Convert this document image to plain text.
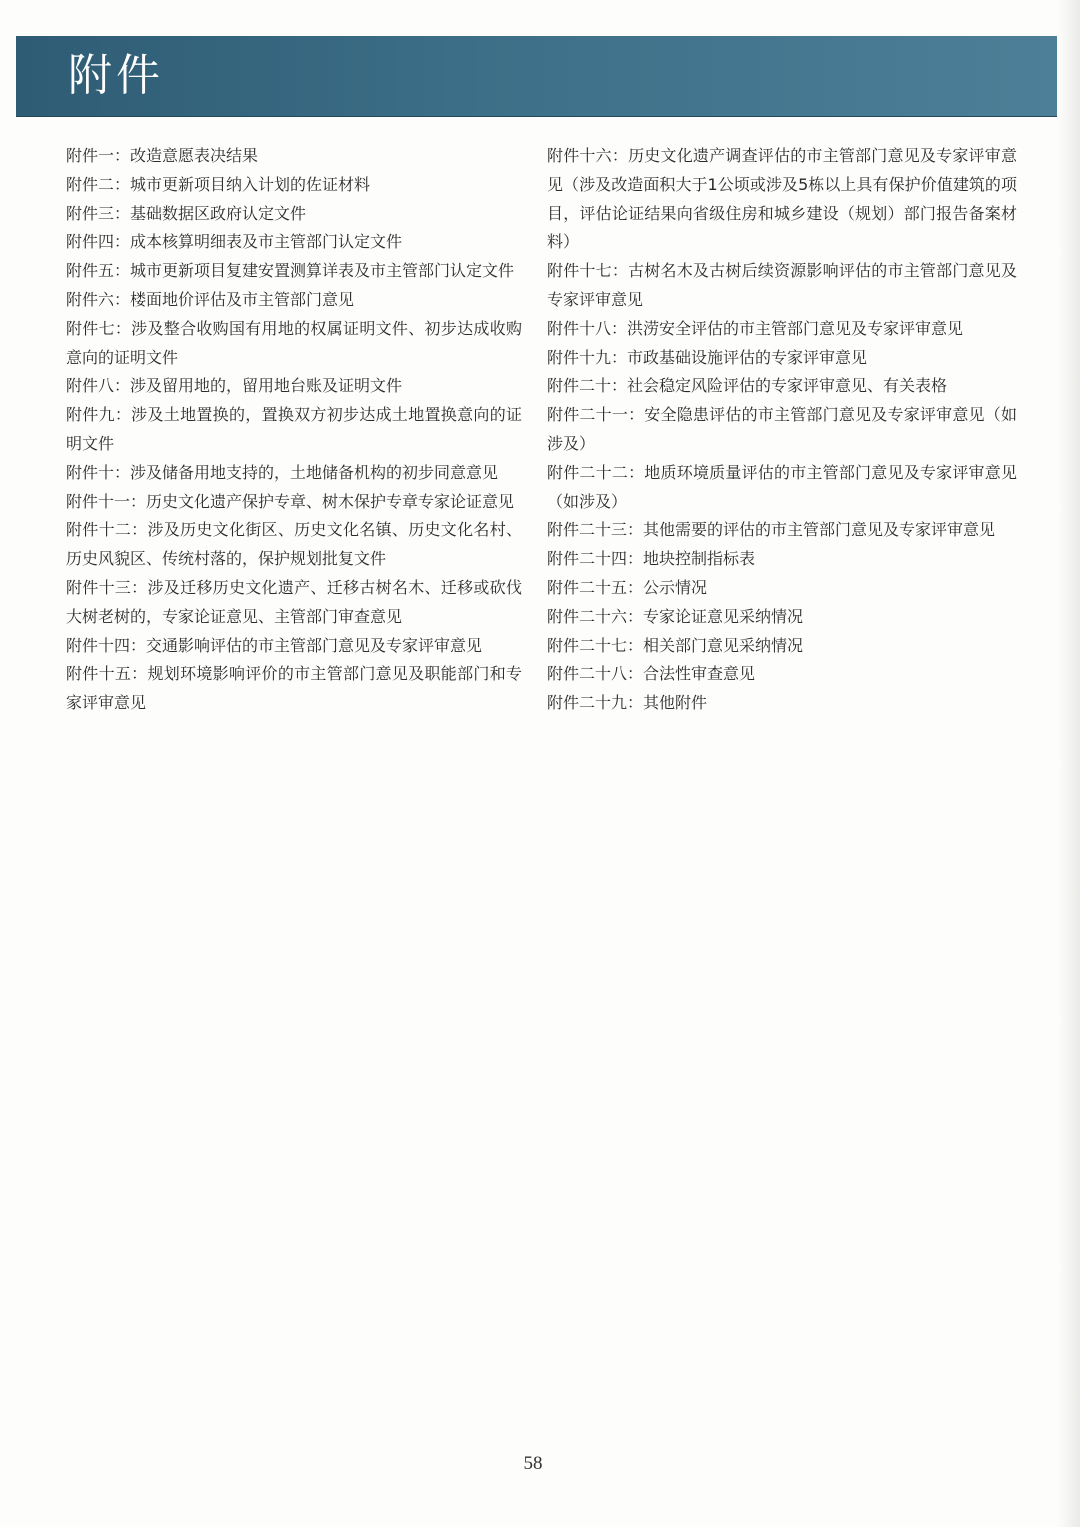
附件

附件一：改造意愿表决结果

附件二：城市更新项目纳入计划的佐证材料

附件三：基础数据区政府认定文件

附件四：成本核算明细表及市主管部门认定文件

附件五：城市更新项目复建安置测算详表及市主管部门认定文件

附件六：楼面地价评估及市主管部门意见

附件七：涉及整合收购国有用地的权属证明文件、初步达成收购意向的证明文件

附件八：涉及留用地的，留用地台账及证明文件

附件九：涉及土地置换的，置换双方初步达成土地置换意向的证明文件

附件十：涉及储备用地支持的，土地储备机构的初步同意意见

附件十一：历史文化遗产保护专章、树木保护专章专家论证意见

附件十二：涉及历史文化街区、历史文化名镇、历史文化名村、历史风貌区、传统村落的，保护规划批复文件

附件十三：涉及迁移历史文化遗产、迁移古树名木、迁移或砍伐大树老树的，专家论证意见、主管部门审查意见

附件十四：交通影响评估的市主管部门意见及专家评审意见

附件十五：规划环境影响评价的市主管部门意见及职能部门和专家评审意见

附件十六：历史文化遗产调查评估的市主管部门意见及专家评审意见（涉及改造面积大于1公顷或涉及5栋以上具有保护价值建筑的项目，评估论证结果向省级住房和城乡建设（规划）部门报告备案材料）

附件十七：古树名木及古树后续资源影响评估的市主管部门意见及专家评审意见

附件十八：洪涝安全评估的市主管部门意见及专家评审意见

附件十九：市政基础设施评估的专家评审意见

附件二十：社会稳定风险评估的专家评审意见、有关表格

附件二十一：安全隐患评估的市主管部门意见及专家评审意见（如涉及）

附件二十二：地质环境质量评估的市主管部门意见及专家评审意见（如涉及）

附件二十三：其他需要的评估的市主管部门意见及专家评审意见

附件二十四：地块控制指标表

附件二十五：公示情况

附件二十六：专家论证意见采纳情况

附件二十七：相关部门意见采纳情况

附件二十八：合法性审查意见

附件二十九：其他附件

58
